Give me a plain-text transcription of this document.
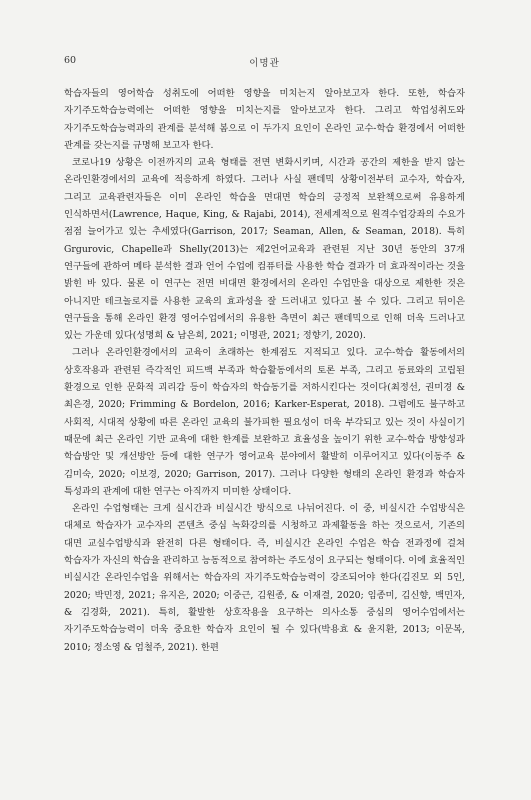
60	이명관

학습자들의 영어학습 성취도에 어떠한 영향을 미치는지 알아보고자 한다. 또한, 학습자 자기주도학습능력에는 어떠한 영향을 미치는지를 알아보고자 한다. 그리고 학업성취도와 자기주도학습능력과의 관계를 분석해 봄으로 이 두가지 요인이 온라인 교수-학습 환경에서 어떠한 관계를 갖는지를 규명해 보고자 한다.

코로나19 상황은 이전까지의 교육 형태를 전면 변화시키며, 시간과 공간의 제한을 받지 않는 온라인환경에서의 교육에 적응하게 하였다. 그러나 사실 팬데믹 상황이전부터 교수자, 학습자, 그리고 교육관련자들은 이미 온라인 학습을 면대면 학습의 긍정적 보완책으로써 유용하게 인식하면서(Lawrence, Haque, King, & Rajabi, 2014), 전세계적으로 원격수업강좌의 수요가 점점 늘어가고 있는 추세였다(Garrison, 2017; Seaman, Allen, & Seaman, 2018). 특히 Grgurovic, Chapelle과 Shelly(2013)는 제2언어교육과 관련된 지난 30년 동안의 37개 연구들에 관하여 메타 분석한 결과 언어 수업에 컴퓨터를 사용한 학습 결과가 더 효과적이라는 것을 밝힌 바 있다. 물론 이 연구는 전면 비대면 환경에서의 온라인 수업만을 대상으로 제한한 것은 아니지만 테크놀로지를 사용한 교육의 효과성을 잘 드러내고 있다고 볼 수 있다. 그리고 뒤이은 연구들을 통해 온라인 환경 영어수업에서의 유용한 측면이 최근 팬데믹으로 인해 더욱 드러나고 있는 가운데 있다(성명희 & 남은희, 2021; 이명관, 2021; 정향기, 2020).

그러나 온라인환경에서의 교육이 초래하는 한계점도 지적되고 있다. 교수-학습 활동에서의 상호작용과 관련된 즉각적인 피드백 부족과 학습활동에서의 토론 부족, 그리고 동료와의 고립된 환경으로 인한 문화적 괴리감 등이 학습자의 학습동기를 저하시킨다는 것이다(최정선, 권미경 & 최은경, 2020; Frimming & Bordelon, 2016; Karker-Esperat, 2018). 그럼에도 불구하고 사회적, 시대적 상황에 따른 온라인 교육의 불가피한 필요성이 더욱 부각되고 있는 것이 사실이기 때문에 최근 온라인 기반 교육에 대한 한계를 보완하고 효율성을 높이기 위한 교수-학습 방향성과 학습방안 및 개선방안 등에 대한 연구가 영어교육 분야에서 활발히 이루어지고 있다(이동주 & 김미숙, 2020; 이보경, 2020; Garrison, 2017). 그러나 다양한 형태의 온라인 환경과 학습자 특성과의 관계에 대한 연구는 아직까지 미미한 상태이다.

온라인 수업형태는 크게 실시간과 비실시간 방식으로 나뉘어진다. 이 중, 비실시간 수업방식은 대체로 학습자가 교수자의 콘텐츠 중심 녹화강의를 시청하고 과제활동을 하는 것으로서, 기존의 대면 교실수업방식과 완전히 다른 형태이다. 즉, 비실시간 온라인 수업은 학습 전과정에 걸쳐 학습자가 자신의 학습을 관리하고 능동적으로 참여하는 주도성이 요구되는 형태이다. 이에 효율적인 비실시간 온라인수업을 위해서는 학습자의 자기주도학습능력이 강조되어야 한다(김진모 외 5인, 2020; 박민정, 2021; 유지은, 2020; 이중근, 김원종, & 이재결, 2020; 임종미, 김신향, 백민자, & 김경화, 2021). 특히, 활발한 상호작용을 요구하는 의사소통 중심의 영어수업에서는 자기주도학습능력이 더욱 중요한 학습자 요인이 될 수 있다(박용효 & 윤지환, 2013; 이문복, 2010; 정소영 & 엄철주, 2021). 한편
